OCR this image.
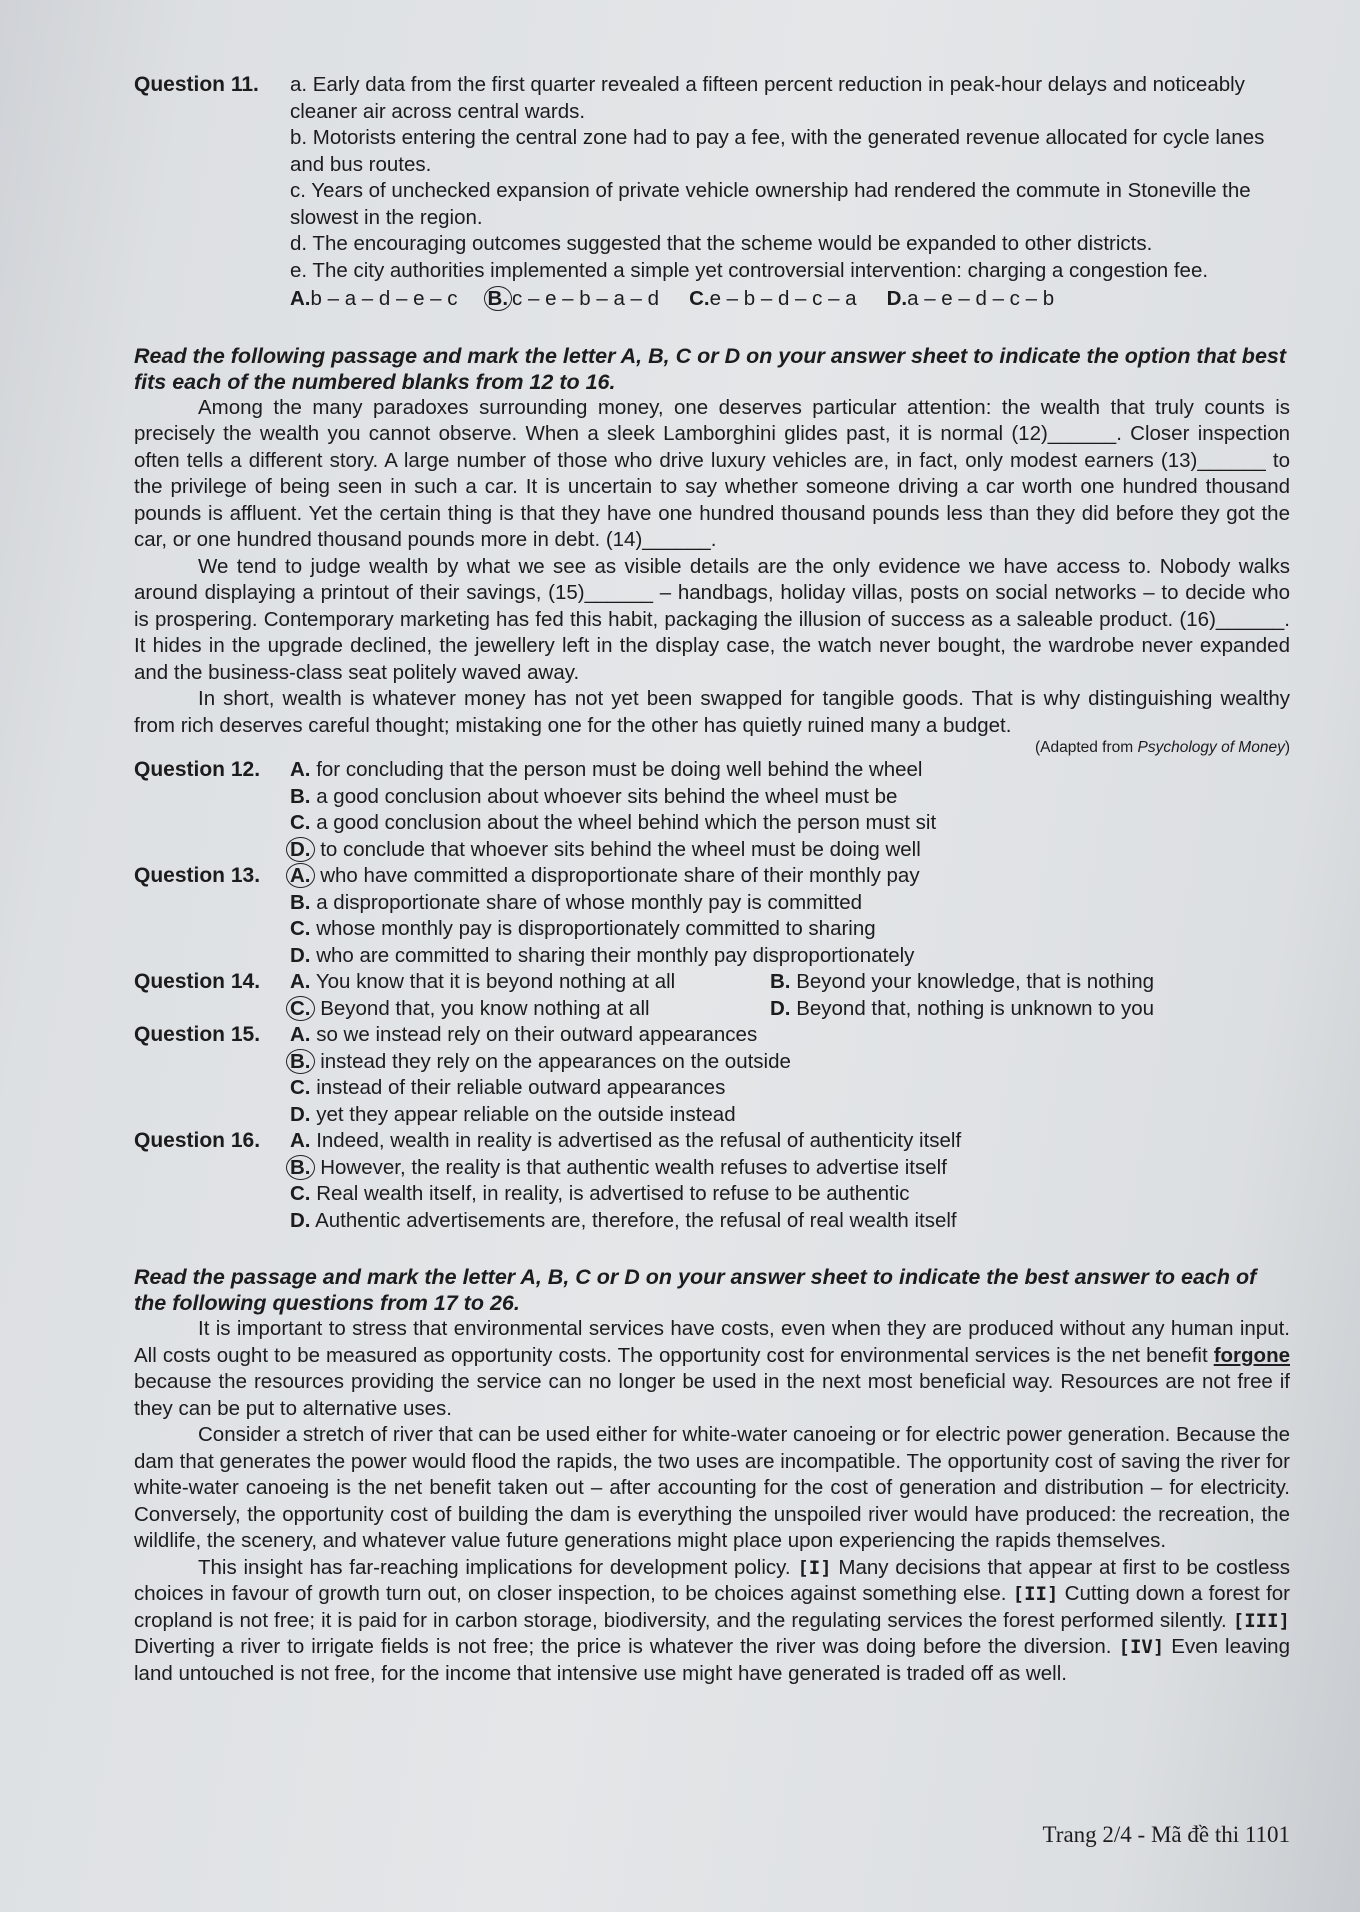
Question 11.	a. Early data from the first quarter revealed a fifteen percent reduction in peak-hour delays and noticeably cleaner air across central wards.
b. Motorists entering the central zone had to pay a fee, with the generated revenue allocated for cycle lanes and bus routes.
c. Years of unchecked expansion of private vehicle ownership had rendered the commute in Stoneville the slowest in the region.
d. The encouraging outcomes suggested that the scheme would be expanded to other districts.
e. The city authorities implemented a simple yet controversial intervention: charging a congestion fee.
A.b – a – d – e – c B. c – e – b – a – d C.e – b – d – c – a D.a – e – d – c – b
Read the following passage and mark the letter A, B, C or D on your answer sheet to indicate the option that best fits each of the numbered blanks from 12 to 16.

Among the many paradoxes surrounding money, one deserves particular attention: the wealth that truly counts is precisely the wealth you cannot observe. When a sleek Lamborghini glides past, it is normal (12)______. Closer inspection often tells a different story. A large number of those who drive luxury vehicles are, in fact, only modest earners (13)______ to the privilege of being seen in such a car. It is uncertain to say whether someone driving a car worth one hundred thousand pounds is affluent. Yet the certain thing is that they have one hundred thousand pounds less than they did before they got the car, or one hundred thousand pounds more in debt. (14)______.

We tend to judge wealth by what we see as visible details are the only evidence we have access to. Nobody walks around displaying a printout of their savings, (15)______ – handbags, holiday villas, posts on social networks – to decide who is prospering. Contemporary marketing has fed this habit, packaging the illusion of success as a saleable product. (16)______. It hides in the upgrade declined, the jewellery left in the display case, the watch never bought, the wardrobe never expanded and the business-class seat politely waved away.

In short, wealth is whatever money has not yet been swapped for tangible goods. That is why distinguishing wealthy from rich deserves careful thought; mistaking one for the other has quietly ruined many a budget.

(Adapted from Psychology of Money)
Question 12.	A. for concluding that the person must be doing well behind the wheel
B. a good conclusion about whoever sits behind the wheel must be
C. a good conclusion about the wheel behind which the person must sit
D. to conclude that whoever sits behind the wheel must be doing well
Question 13.	A. who have committed a disproportionate share of their monthly pay
B. a disproportionate share of whose monthly pay is committed
C. whose monthly pay is disproportionately committed to sharing
D. who are committed to sharing their monthly pay disproportionately
Question 14.	A. You know that it is beyond nothing at all	B. Beyond your knowledge, that is nothing
C. Beyond that, you know nothing at all	D. Beyond that, nothing is unknown to you
Question 15.	A. so we instead rely on their outward appearances
B. instead they rely on the appearances on the outside
C. instead of their reliable outward appearances
D. yet they appear reliable on the outside instead
Question 16.	A. Indeed, wealth in reality is advertised as the refusal of authenticity itself
B. However, the reality is that authentic wealth refuses to advertise itself
C. Real wealth itself, in reality, is advertised to refuse to be authentic
D. Authentic advertisements are, therefore, the refusal of real wealth itself
Read the passage and mark the letter A, B, C or D on your answer sheet to indicate the best answer to each of the following questions from 17 to 26.

It is important to stress that environmental services have costs, even when they are produced without any human input. All costs ought to be measured as opportunity costs. The opportunity cost for environmental services is the net benefit forgone because the resources providing the service can no longer be used in the next most beneficial way. Resources are not free if they can be put to alternative uses.

Consider a stretch of river that can be used either for white-water canoeing or for electric power generation. Because the dam that generates the power would flood the rapids, the two uses are incompatible. The opportunity cost of saving the river for white-water canoeing is the net benefit taken out – after accounting for the cost of generation and distribution – for electricity. Conversely, the opportunity cost of building the dam is everything the unspoiled river would have produced: the recreation, the wildlife, the scenery, and whatever value future generations might place upon experiencing the rapids themselves.

This insight has far-reaching implications for development policy. [I] Many decisions that appear at first to be costless choices in favour of growth turn out, on closer inspection, to be choices against something else. [II] Cutting down a forest for cropland is not free; it is paid for in carbon storage, biodiversity, and the regulating services the forest performed silently. [III] Diverting a river to irrigate fields is not free; the price is whatever the river was doing before the diversion. [IV] Even leaving land untouched is not free, for the income that intensive use might have generated is traded off as well.

Trang 2/4 - Mã đề thi 1101
